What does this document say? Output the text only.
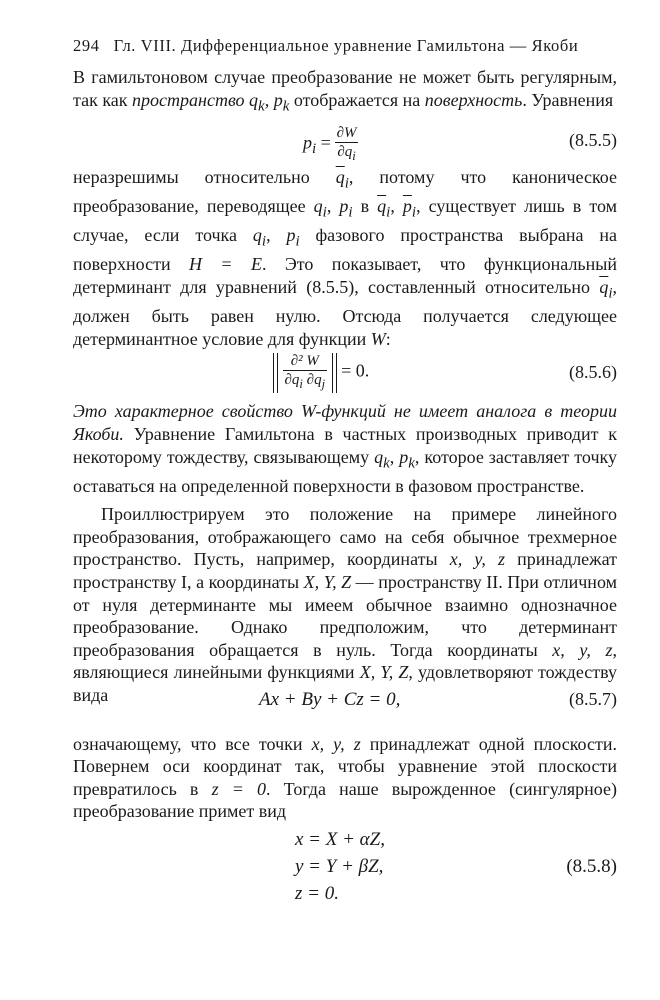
294 Гл. VIII. Дифференциальное уравнение Гамильтона — Якоби

В гамильтоновом случае преобразование не может быть регулярным, так как пространство $q_k$, $p_k$ отображается на поверхность. Уравнения

$p_i = \frac{\partial W}{\partial q_i}$	(8.5.5)

неразрешимы относительно $\overline{q}_i$, потому что каноническое преобразование, переводящее $q_i$, $p_i$ в $\overline{q}_i$, $\overline{p}_i$, существует лишь в том случае, если точка $q_i$, $p_i$ фазового пространства выбрана на поверхности H = E. Это показывает, что функциональный детерминант для уравнений (8.5.5), составленный относительно $\overline{q}_i$, должен быть равен нулю. Отсюда получается следующее детерминантное условие для функции W:

$\frac{\text{∂² W}}{\partial q_i \partial q_j} = 0$.	(8.5.6)

Это характерное свойство W-функций не имеет аналога в теории Якоби. Уравнение Гамильтона в частных производных приводит к некоторому тождеству, связывающему $q_k$, $p_k$, которое заставляет точку оставаться на определенной поверхности в фазовом пространстве.

Проиллюстрируем это положение на примере линейного преобразования, отображающего само на себя обычное трехмерное пространство. Пусть, например, координаты x, y, z принадлежат пространству I, а координаты X, Y, Z — пространству II. При отличном от нуля детерминанте мы имеем обычное взаимно однозначное преобразование. Однако предположим, что детерминант преобразования обращается в нуль. Тогда координаты x, y, z, являющиеся линейными функциями X, Y, Z, удовлетворяют тождеству вида	Ax + By + Cz = 0,	(8.5.7)

означающему, что все точки x, y, z принадлежат одной плоскости. Повернем оси координат так, чтобы уравнение этой плоскости превратилось в z = 0. Тогда наше вырожденное (сингулярное) преобразование примет вид

x = X + αZ,
y = Y + βZ,
z = 0.
(8.5.8)
